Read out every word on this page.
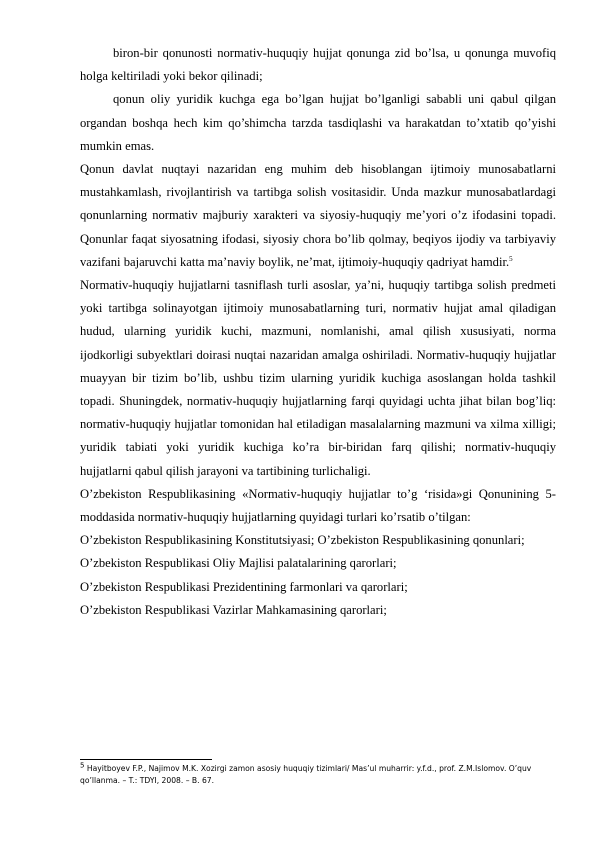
biron-bir qonunosti normativ-huquqiy hujjat qonunga zid bo’lsa, u qonunga muvofiq holga keltiriladi yoki bekor qilinadi;

qonun oliy yuridik kuchga ega bo’lgan hujjat bo’lganligi sababli uni qabul qilgan organdan boshqa hech kim qo’shimcha tarzda tasdiqlashi va harakatdan to’xtatib qo’yishi mumkin emas.

Qonun davlat nuqtayi nazaridan eng muhim deb hisoblangan ijtimoiy munosabatlarni mustahkamlash, rivojlantirish va tartibga solish vositasidir. Unda mazkur munosabatlardagi qonunlarning normativ majburiy xarakteri va siyosiy-huquqiy me’yori o’z ifodasini topadi. Qonunlar faqat siyosatning ifodasi, siyosiy chora bo’lib qolmay, beqiyos ijodiy va tarbiyaviy vazifani bajaruvchi katta ma’naviy boylik, ne’mat, ijtimoiy-huquqiy qadriyat hamdir.$^5$

Normativ-huquqiy hujjatlarni tasniflash turli asoslar, ya’ni, huquqiy tartibga solish predmeti yoki tartibga solinayotgan ijtimoiy munosabatlarning turi, normativ hujjat amal qiladigan hudud, ularning yuridik kuchi, mazmuni, nomlanishi, amal qilish xususiyati, norma ijodkorligi subyektlari doirasi nuqtai nazaridan amalga oshiriladi. Normativ-huquqiy hujjatlar muayyan bir tizim bo’lib, ushbu tizim ularning yuridik kuchiga asoslangan holda tashkil topadi. Shuningdek, normativ-huquqiy hujjatlarning farqi quyidagi uchta jihat bilan bog’liq: normativ-huquqiy hujjatlar tomonidan hal etiladigan masalalarning mazmuni va xilma xilligi; yuridik tabiati yoki yuridik kuchiga ko’ra bir-biridan farq qilishi; normativ-huquqiy hujjatlarni qabul qilish jarayoni va tartibining turlichaligi.

O’zbekiston Respublikasining «Normativ-huquqiy hujjatlar to’g ‘risida»gi Qonunining 5-moddasida normativ-huquqiy hujjatlarning quyidagi turlari ko’rsatib o’tilgan:

O’zbekiston Respublikasining Konstitutsiyasi; O’zbekiston Respublikasining qonunlari;

O’zbekiston Respublikasi Oliy Majlisi palatalarining qarorlari;

O’zbekiston Respublikasi Prezidentining farmonlari va qarorlari;

O’zbekiston Respublikasi Vazirlar Mahkamasining qarorlari;

$^5$ Hayitboyev F.P., Najimov M.K. Xozirgi zamon asosiy huquqiy tizimlari/ Mas’ul muharrir: y.f.d., prof. Z.M.Islomov. O’quv qo’llanma. – T.: TDYI, 2008. – B. 67.
